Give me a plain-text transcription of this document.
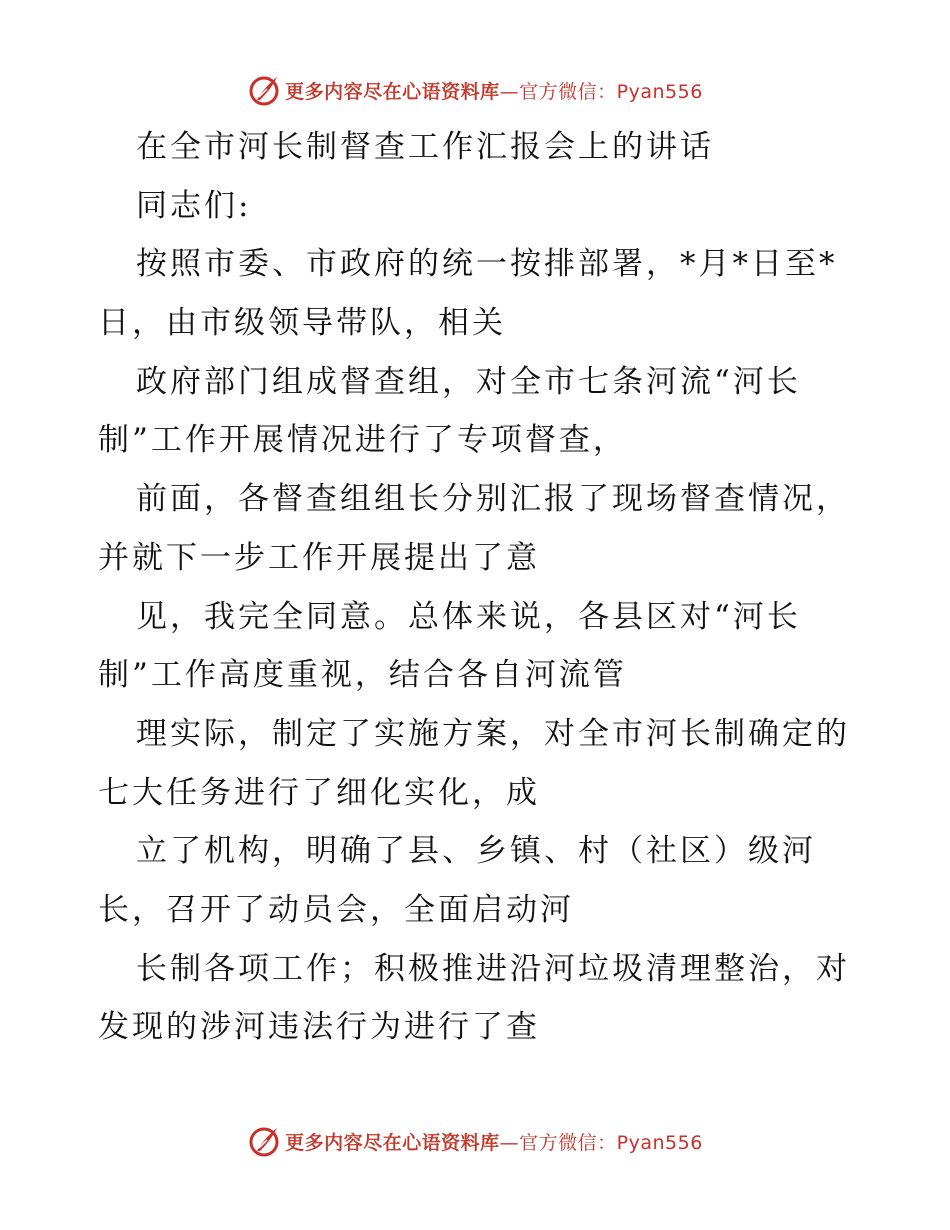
更多内容尽在心语资料库—官方微信：Pyan556
在全市河长制督查工作汇报会上的讲话
同志们:
按照市委、市政府的统一按排部署，*月*日至*
日，由市级领导带队，相关
政府部门组成督查组，对全市七条河流“河长
制”工作开展情况进行了专项督查，
前面，各督查组组长分别汇报了现场督查情况，
并就下一步工作开展提出了意
见，我完全同意。总体来说，各县区对“河长
制”工作高度重视，结合各自河流管
理实际，制定了实施方案，对全市河长制确定的
七大任务进行了细化实化，成
立了机构，明确了县、乡镇、村（社区）级河
长，召开了动员会，全面启动河
长制各项工作；积极推进沿河垃圾清理整治，对
发现的涉河违法行为进行了查
更多内容尽在心语资料库—官方微信：Pyan556
